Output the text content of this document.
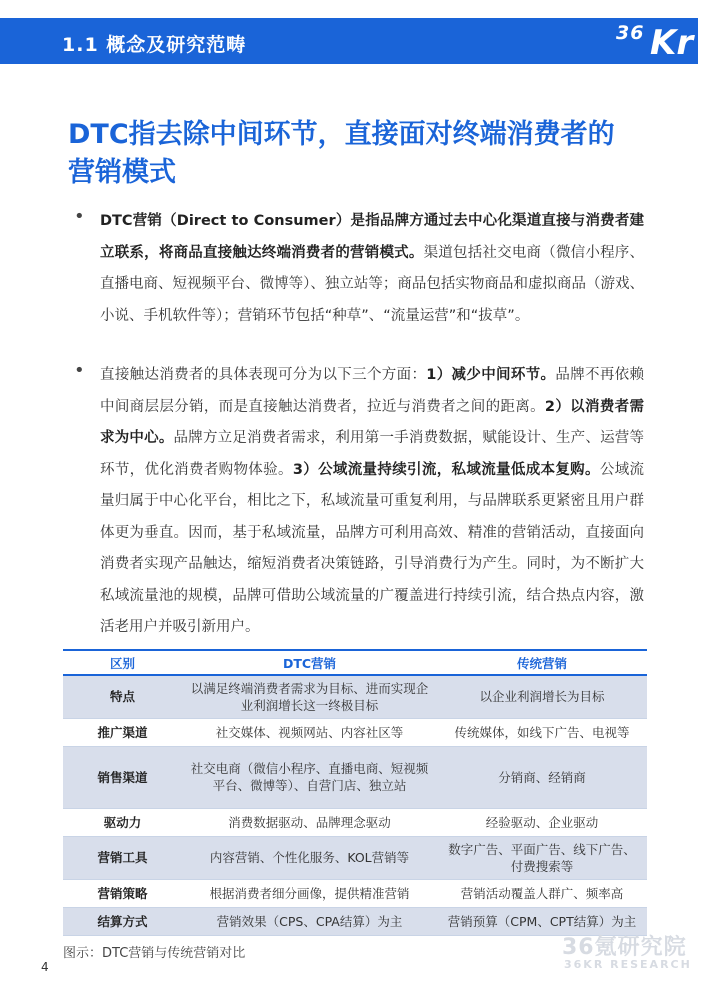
1.1 概念及研究范畴
36 Kr
DTC指去除中间环节，直接面对终端消费者的
营销模式
• DTC营销（Direct to Consumer）是指品牌方通过去中心化渠道直接与消费者建立联系，将商品直接触达终端消费者的营销模式。渠道包括社交电商（微信小程序、直播电商、短视频平台、微博等）、独立站等；商品包括实物商品和虚拟商品（游戏、小说、手机软件等）；营销环节包括“种草”、“流量运营”和“拔草”。
• 直接触达消费者的具体表现可分为以下三个方面：1）减少中间环节。品牌不再依赖中间商层层分销，而是直接触达消费者，拉近与消费者之间的距离。2）以消费者需求为中心。品牌方立足消费者需求，利用第一手消费数据，赋能设计、生产、运营等环节，优化消费者购物体验。3）公域流量持续引流，私域流量低成本复购。公域流量归属于中心化平台，相比之下，私域流量可重复利用，与品牌联系更紧密且用户群体更为垂直。因而，基于私域流量，品牌方可利用高效、精准的营销活动，直接面向消费者实现产品触达，缩短消费者决策链路，引导消费行为产生。同时，为不断扩大私域流量池的规模，品牌可借助公域流量的广覆盖进行持续引流，结合热点内容，激活老用户并吸引新用户。
区别	DTC营销	传统营销
特点	以满足终端消费者需求为目标、进而实现企业利润增长这一终极目标	以企业利润增长为目标
推广渠道	社交媒体、视频网站、内容社区等	传统媒体，如线下广告、电视等
销售渠道	社交电商（微信小程序、直播电商、短视频平台、微博等）、自营门店、独立站	分销商、经销商
驱动力	消费数据驱动、品牌理念驱动	经验驱动、企业驱动
营销工具	内容营销、个性化服务、KOL营销等	数字广告、平面广告、线下广告、付费搜索等
营销策略	根据消费者细分画像，提供精准营销	营销活动覆盖人群广、频率高
结算方式	营销效果（CPS、CPA结算）为主	营销预算（CPM、CPT结算）为主
图示：DTC营销与传统营销对比
4
36氪研究院
36KR RESEARCH
